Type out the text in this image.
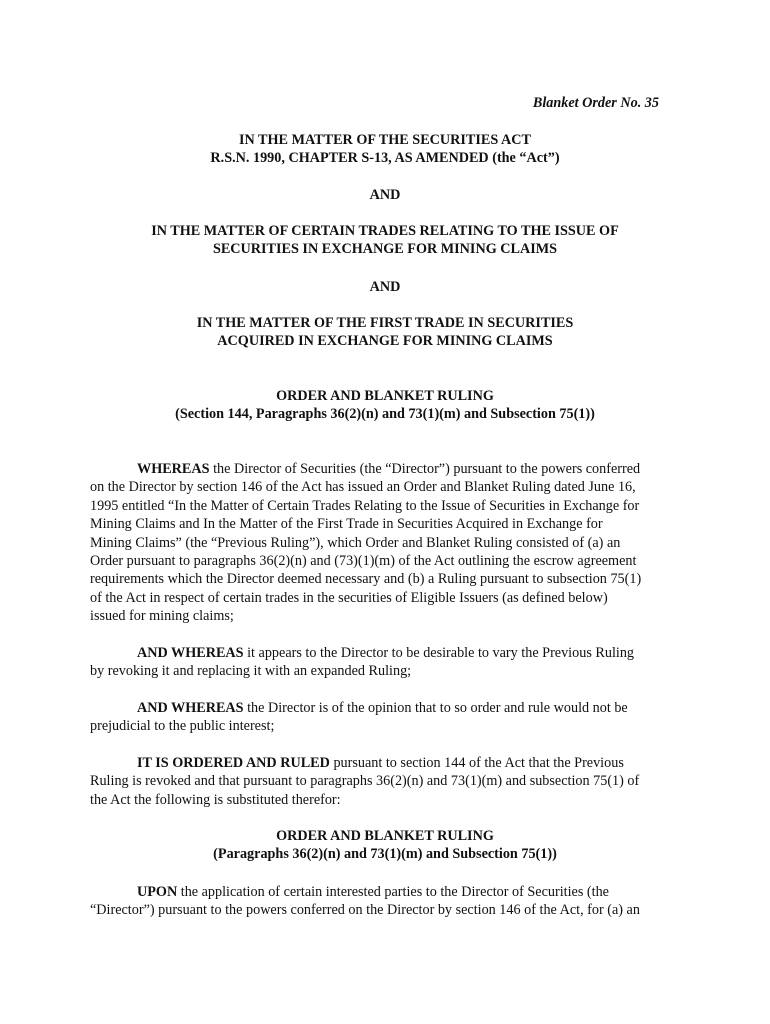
Blanket Order No. 35
IN THE MATTER OF THE SECURITIES ACT
R.S.N. 1990, CHAPTER S-13, AS AMENDED (the “Act”)
AND
IN THE MATTER OF CERTAIN TRADES RELATING TO THE ISSUE OF
SECURITIES IN EXCHANGE FOR MINING CLAIMS
AND
IN THE MATTER OF THE FIRST TRADE IN SECURITIES
ACQUIRED IN EXCHANGE FOR MINING CLAIMS
ORDER AND BLANKET RULING
(Section 144, Paragraphs 36(2)(n) and 73(1)(m) and Subsection 75(1))
WHEREAS the Director of Securities (the “Director”) pursuant to the powers conferred
on the Director by section 146 of the Act has issued an Order and Blanket Ruling dated June 16,
1995 entitled “In the Matter of Certain Trades Relating to the Issue of Securities in Exchange for
Mining Claims and In the Matter of the First Trade in Securities Acquired in Exchange for
Mining Claims” (the “Previous Ruling”), which Order and Blanket Ruling consisted of (a) an
Order pursuant to paragraphs 36(2)(n) and (73)(1)(m) of the Act outlining the escrow agreement
requirements which the Director deemed necessary and (b) a Ruling pursuant to subsection 75(1)
of the Act in respect of certain trades in the securities of Eligible Issuers (as defined below)
issued for mining claims;
AND WHEREAS it appears to the Director to be desirable to vary the Previous Ruling
by revoking it and replacing it with an expanded Ruling;
AND WHEREAS the Director is of the opinion that to so order and rule would not be
prejudicial to the public interest;
IT IS ORDERED AND RULED pursuant to section 144 of the Act that the Previous
Ruling is revoked and that pursuant to paragraphs 36(2)(n) and 73(1)(m) and subsection 75(1) of
the Act the following is substituted therefor:
ORDER AND BLANKET RULING
(Paragraphs 36(2)(n) and 73(1)(m) and Subsection 75(1))
UPON the application of certain interested parties to the Director of Securities (the
“Director”) pursuant to the powers conferred on the Director by section 146 of the Act, for (a) an
